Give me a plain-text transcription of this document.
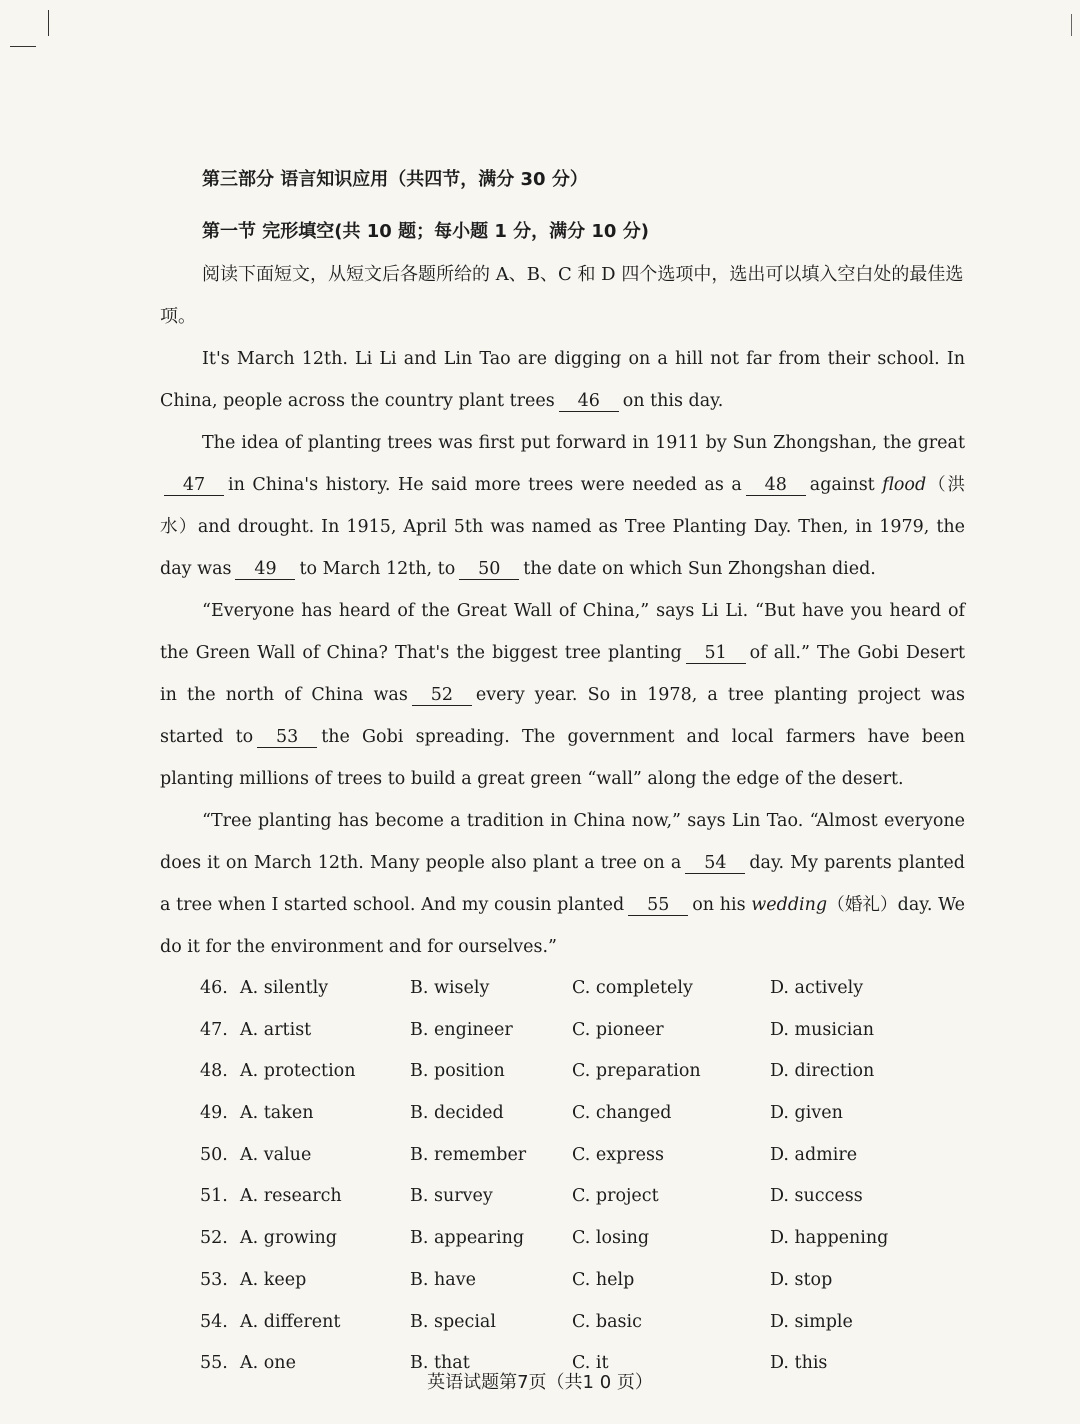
第三部分 语言知识应用（共四节，满分 30 分）
第一节 完形填空(共 10 题；每小题 1 分，满分 10 分)

阅读下面短文，从短文后各题所给的 A、B、C 和 D 四个选项中，选出可以填入空白处的最佳选项。

It's March 12th. Li Li and Lin Tao are digging on a hill not far from their school. In China, people across the country plant trees 46 on this day.

The idea of planting trees was first put forward in 1911 by Sun Zhongshan, the great47 in China's history. He said more trees were needed as a 48 against flood（洪水）and drought. In 1915, April 5th was named as Tree Planting Day. Then, in 1979, the day was 49 to March 12th, to 50 the date on which Sun Zhongshan died.

“Everyone has heard of the Great Wall of China,” says Li Li. “But have you heard of the Green Wall of China? That's the biggest tree planting 51 of all.” The Gobi Desert in the north of China was 52 every year. So in 1978, a tree planting project was started to 53 the Gobi spreading. The government and local farmers have been planting millions of trees to build a great green “wall” along the edge of the desert.

“Tree planting has become a tradition in China now,” says Lin Tao. “Almost everyone does it on March 12th. Many people also plant a tree on a 54 day. My parents planted a tree when I started school. And my cousin planted 55 on his wedding（婚礼）day. We do it for the environment and for ourselves.”

46. A. silently	B. wisely	C. completely	D. actively
47. A. artist	B. engineer	C. pioneer	D. musician
48. A. protection	B. position	C. preparation	D. direction
49. A. taken	B. decided	C. changed	D. given
50. A. value	B. remember	C. express	D. admire
51. A. research	B. survey	C. project	D. success
52. A. growing	B. appearing	C. losing	D. happening
53. A. keep	B. have	C. help	D. stop
54. A. different	B. special	C. basic	D. simple
55. A. one	B. that	C. it	D. this
英语试题第7页（共1 0 页）
